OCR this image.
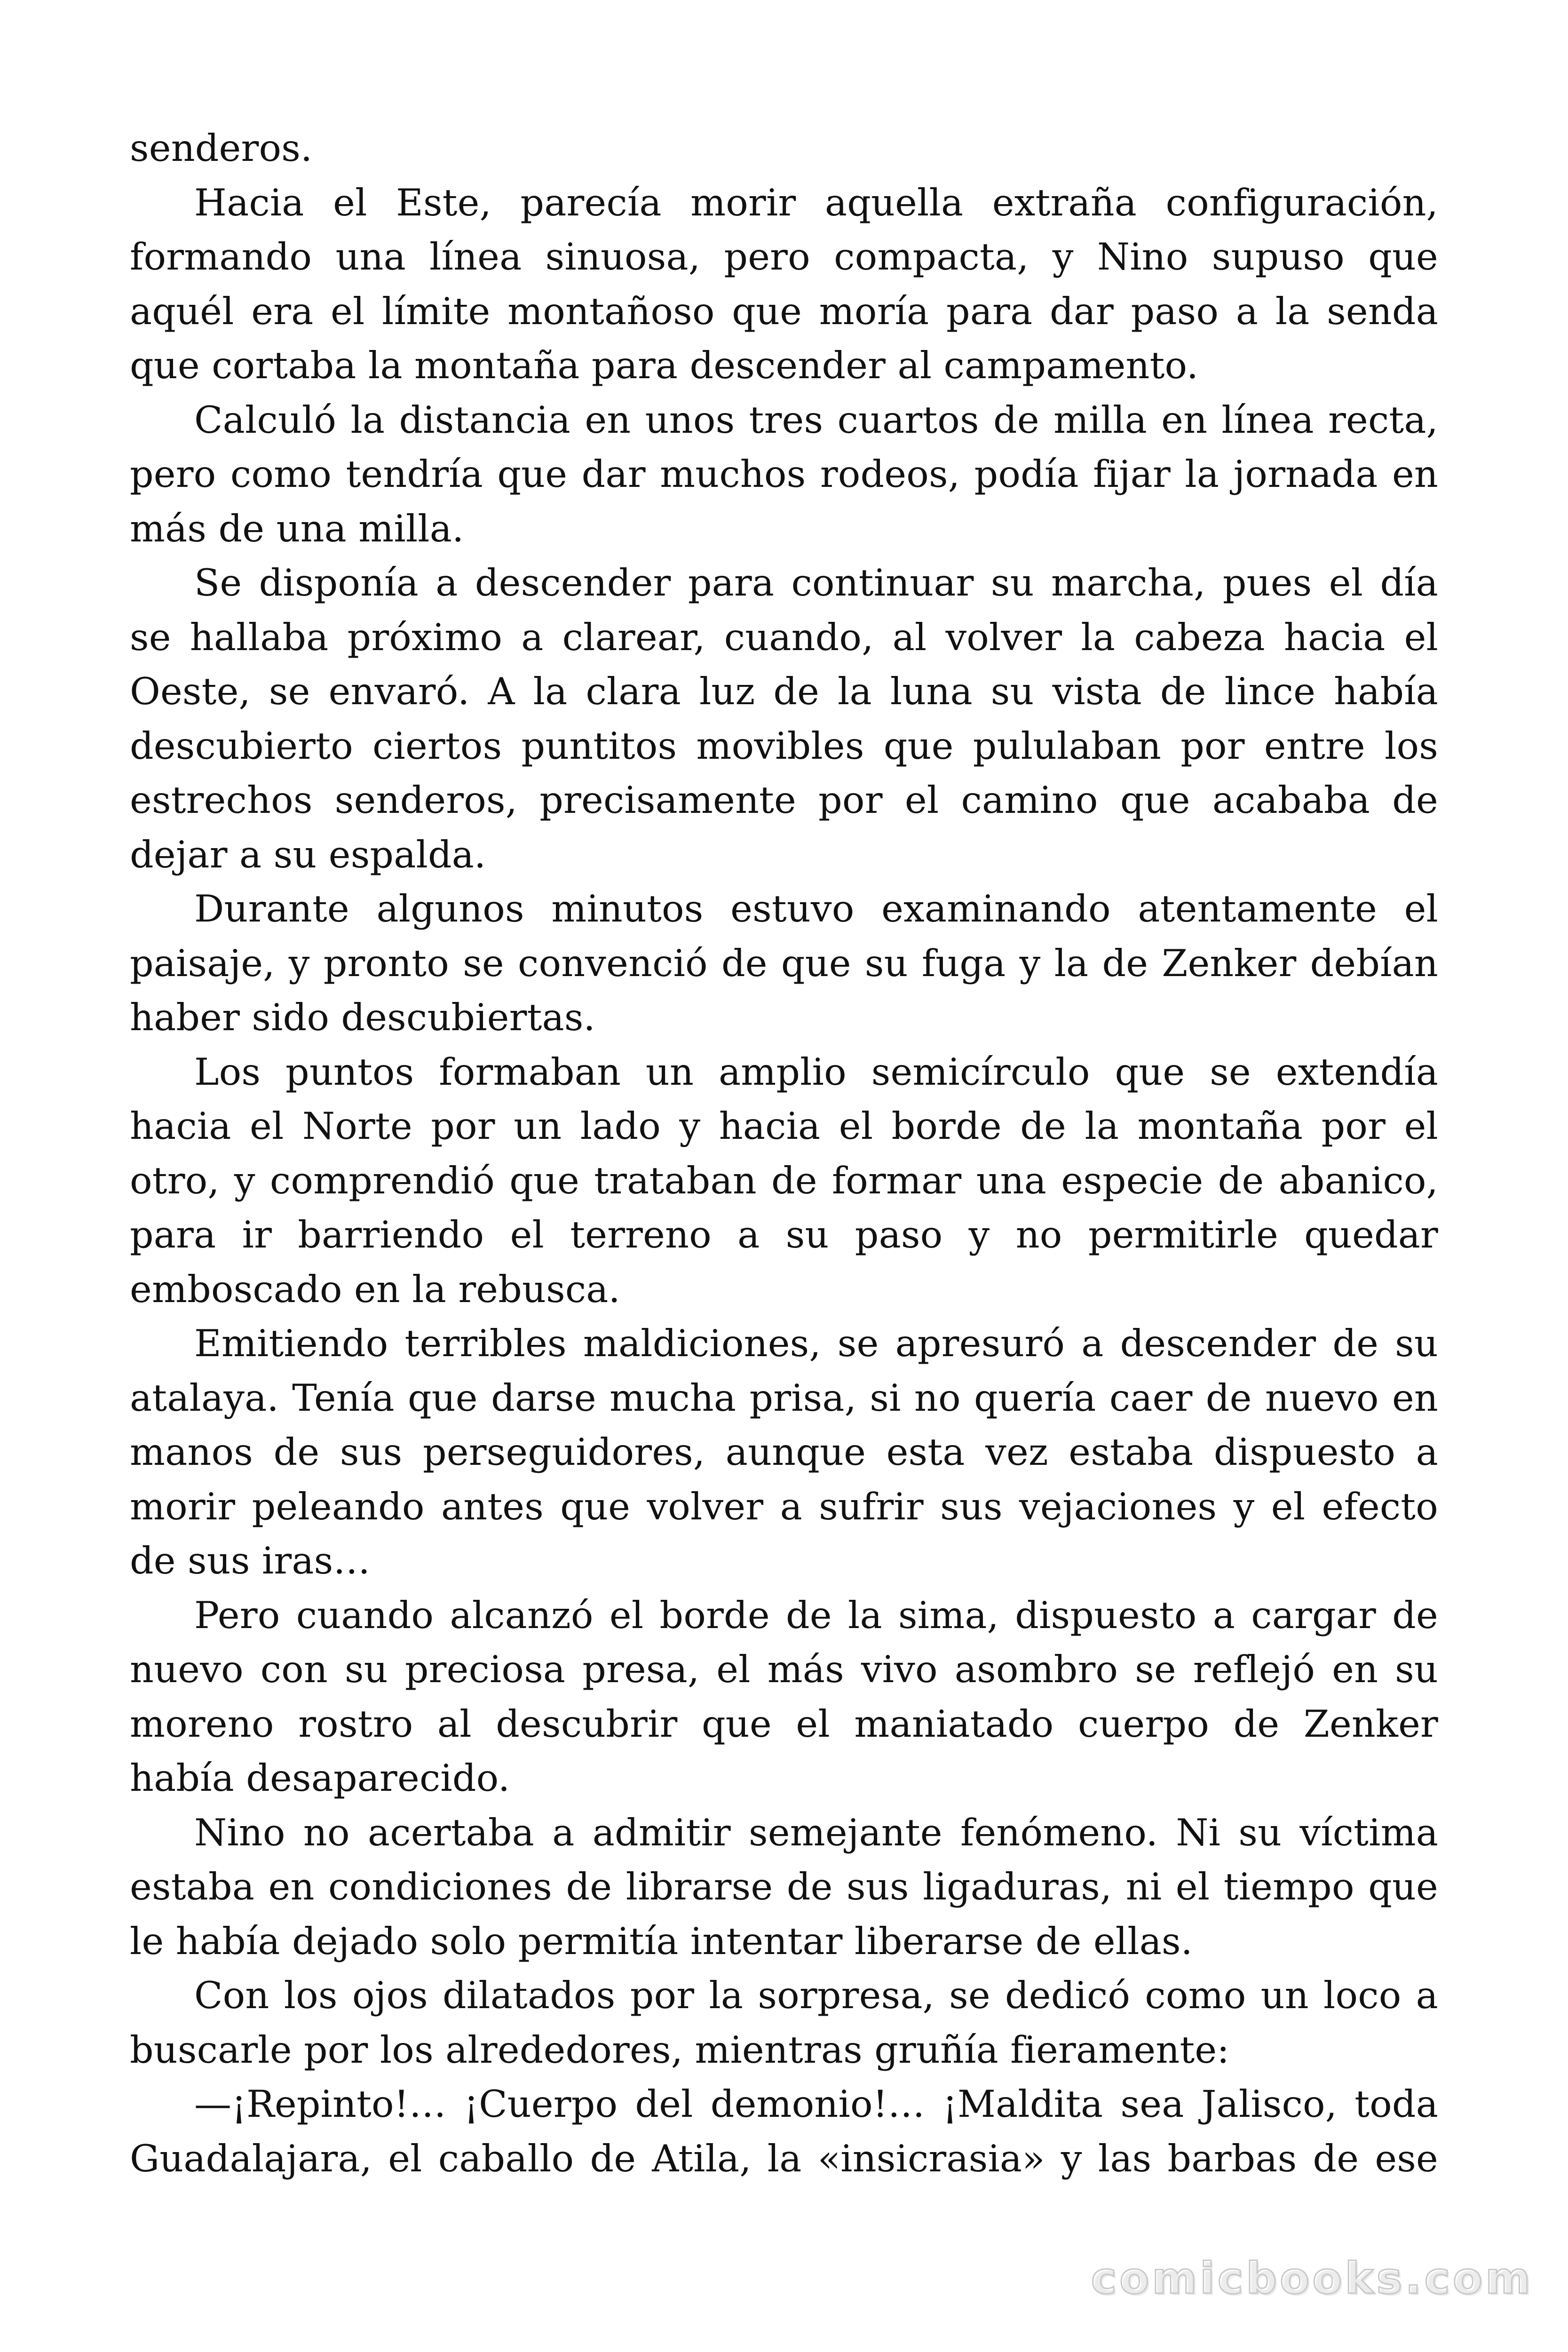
senderos.

Hacia el Este, parecía morir aquella extraña configuración, formando una línea sinuosa, pero compacta, y Nino supuso que aquél era el límite montañoso que moría para dar paso a la senda que cortaba la montaña para descender al campamento.

Calculó la distancia en unos tres cuartos de milla en línea recta, pero como tendría que dar muchos rodeos, podía fijar la jornada en más de una milla.

Se disponía a descender para continuar su marcha, pues el día se hallaba próximo a clarear, cuando, al volver la cabeza hacia el Oeste, se envaró. A la clara luz de la luna su vista de lince había descubierto ciertos puntitos movibles que pululaban por entre los estrechos senderos, precisamente por el camino que acababa de dejar a su espalda.

Durante algunos minutos estuvo examinando atentamente el paisaje, y pronto se convenció de que su fuga y la de Zenker debían haber sido descubiertas.

Los puntos formaban un amplio semicírculo que se extendía hacia el Norte por un lado y hacia el borde de la montaña por el otro, y comprendió que trataban de formar una especie de abanico, para ir barriendo el terreno a su paso y no permitirle quedar emboscado en la rebusca.

Emitiendo terribles maldiciones, se apresuró a descender de su atalaya. Tenía que darse mucha prisa, si no quería caer de nuevo en manos de sus perseguidores, aunque esta vez estaba dispuesto a morir peleando antes que volver a sufrir sus vejaciones y el efecto de sus iras…

Pero cuando alcanzó el borde de la sima, dispuesto a cargar de nuevo con su preciosa presa, el más vivo asombro se reflejó en su moreno rostro al descubrir que el maniatado cuerpo de Zenker había desaparecido.

Nino no acertaba a admitir semejante fenómeno. Ni su víctima estaba en condiciones de librarse de sus ligaduras, ni el tiempo que le había dejado solo permitía intentar liberarse de ellas.

Con los ojos dilatados por la sorpresa, se dedicó como un loco a buscarle por los alrededores, mientras gruñía fieramente:

—¡Repinto!… ¡Cuerpo del demonio!… ¡Maldita sea Jalisco, toda Guadalajara, el caballo de Atila, la «insicrasia» y las barbas de ese

comicbooks.com
